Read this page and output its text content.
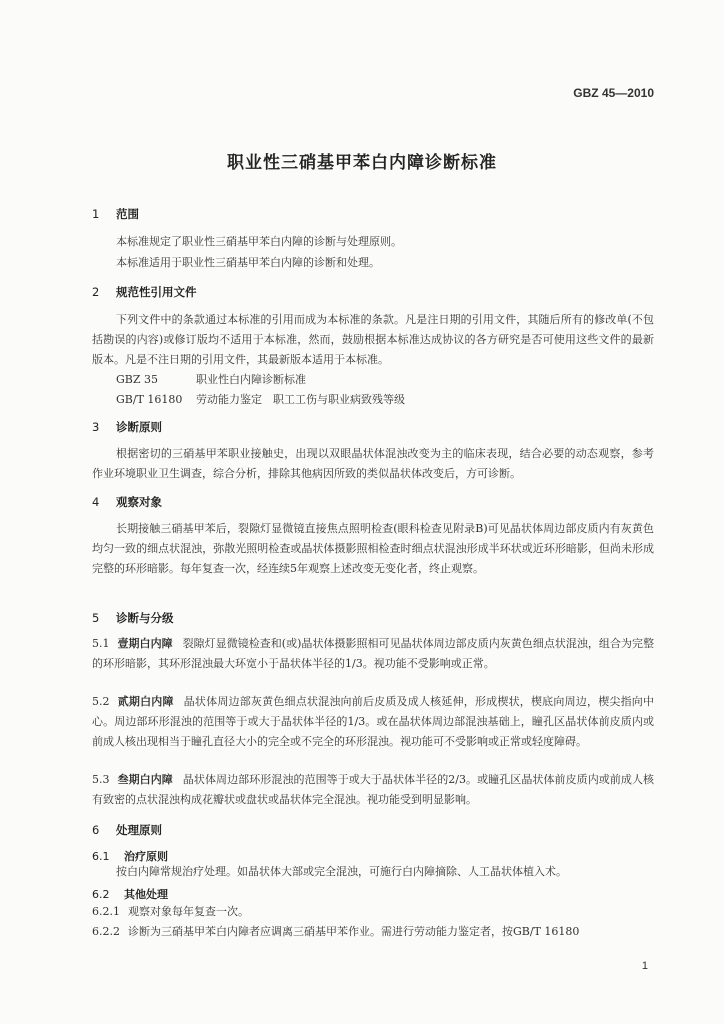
GBZ 45—2010
职业性三硝基甲苯白内障诊断标准
1 范围
本标准规定了职业性三硝基甲苯白内障的诊断与处理原则。
本标准适用于职业性三硝基甲苯白内障的诊断和处理。
2 规范性引用文件
下列文件中的条款通过本标准的引用而成为本标准的条款。凡是注日期的引用文件，其随后所有的修改单(不包括勘误的内容)或修订版均不适用于本标准，然而，鼓励根据本标准达成协议的各方研究是否可使用这些文件的最新版本。凡是不注日期的引用文件，其最新版本适用于本标准。
GBZ 35	职业性白内障诊断标准
GB/T 16180 劳动能力鉴定　职工工伤与职业病致残等级
3 诊断原则
根据密切的三硝基甲苯职业接触史，出现以双眼晶状体混浊改变为主的临床表现，结合必要的动态观察，参考作业环境职业卫生调查，综合分析，排除其他病因所致的类似晶状体改变后，方可诊断。
4 观察对象
长期接触三硝基甲苯后，裂隙灯显微镜直接焦点照明检查(眼科检查见附录B)可见晶状体周边部皮质内有灰黄色均匀一致的细点状混浊，弥散光照明检查或晶状体摄影照相检查时细点状混浊形成半环状或近环形暗影，但尚未形成完整的环形暗影。每年复查一次，经连续5年观察上述改变无变化者，终止观察。
5 诊断与分级
5.1 壹期白内障 裂隙灯显微镜检查和(或)晶状体摄影照相可见晶状体周边部皮质内灰黄色细点状混浊，组合为完整的环形暗影，其环形混浊最大环宽小于晶状体半径的1/3。视功能不受影响或正常。
5.2 贰期白内障 晶状体周边部灰黄色细点状混浊向前后皮质及成人核延伸，形成楔状，楔底向周边，楔尖指向中心。周边部环形混浊的范围等于或大于晶状体半径的1/3。或在晶状体周边部混浊基础上，瞳孔区晶状体前皮质内或前成人核出现相当于瞳孔直径大小的完全或不完全的环形混浊。视功能可不受影响或正常或轻度障碍。
5.3 叁期白内障 晶状体周边部环形混浊的范围等于或大于晶状体半径的2/3。或瞳孔区晶状体前皮质内或前成人核有致密的点状混浊构成花瓣状或盘状或晶状体完全混浊。视功能受到明显影响。
6 处理原则
6.1 治疗原则
按白内障常规治疗处理。如晶状体大部或完全混浊，可施行白内障摘除、人工晶状体植入术。
6.2 其他处理
6.2.1 观察对象每年复查一次。
6.2.2 诊断为三硝基甲苯白内障者应调离三硝基甲苯作业。需进行劳动能力鉴定者，按GB/T 16180
1
